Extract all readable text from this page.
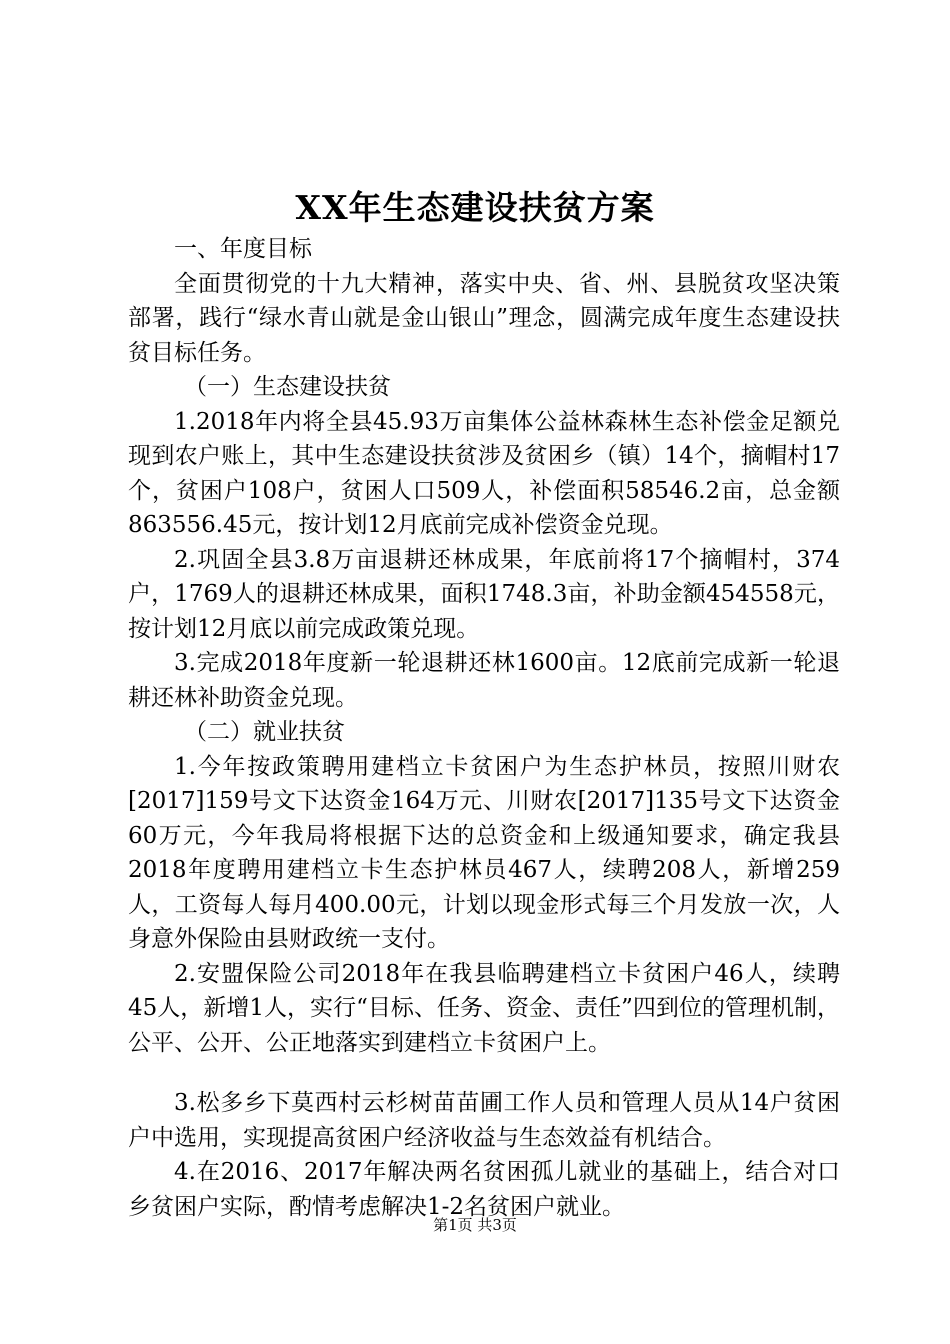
XX年生态建设扶贫方案

一、年度目标

全面贯彻党的十九大精神，落实中央、省、州、县脱贫攻坚决策部署，践行“绿水青山就是金山银山”理念，圆满完成年度生态建设扶贫目标任务。

（一）生态建设扶贫

1.2018年内将全县45.93万亩集体公益林森林生态补偿金足额兑现到农户账上，其中生态建设扶贫涉及贫困乡（镇）14个，摘帽村17个，贫困户108户，贫困人口509人，补偿面积58546.2亩，总金额863556.45元，按计划12月底前完成补偿资金兑现。

2.巩固全县3.8万亩退耕还林成果，年底前将17个摘帽村，374户，1769人的退耕还林成果，面积1748.3亩，补助金额454558元，按计划12月底以前完成政策兑现。

3.完成2018年度新一轮退耕还林1600亩。12底前完成新一轮退耕还林补助资金兑现。

（二）就业扶贫

1.今年按政策聘用建档立卡贫困户为生态护林员，按照川财农[2017]159号文下达资金164万元、川财农[2017]135号文下达资金60万元，今年我局将根据下达的总资金和上级通知要求，确定我县2018年度聘用建档立卡生态护林员467人，续聘208人，新增259人，工资每人每月400.00元，计划以现金形式每三个月发放一次，人身意外保险由县财政统一支付。

2.安盟保险公司2018年在我县临聘建档立卡贫困户46人，续聘45人，新增1人，实行“目标、任务、资金、责任”四到位的管理机制，公平、公开、公正地落实到建档立卡贫困户上。

3.松多乡下莫西村云杉树苗苗圃工作人员和管理人员从14户贫困户中选用，实现提高贫困户经济收益与生态效益有机结合。

4.在2016、2017年解决两名贫困孤儿就业的基础上，结合对口乡贫困户实际，酌情考虑解决1-2名贫困户就业。

第1页 共3页
